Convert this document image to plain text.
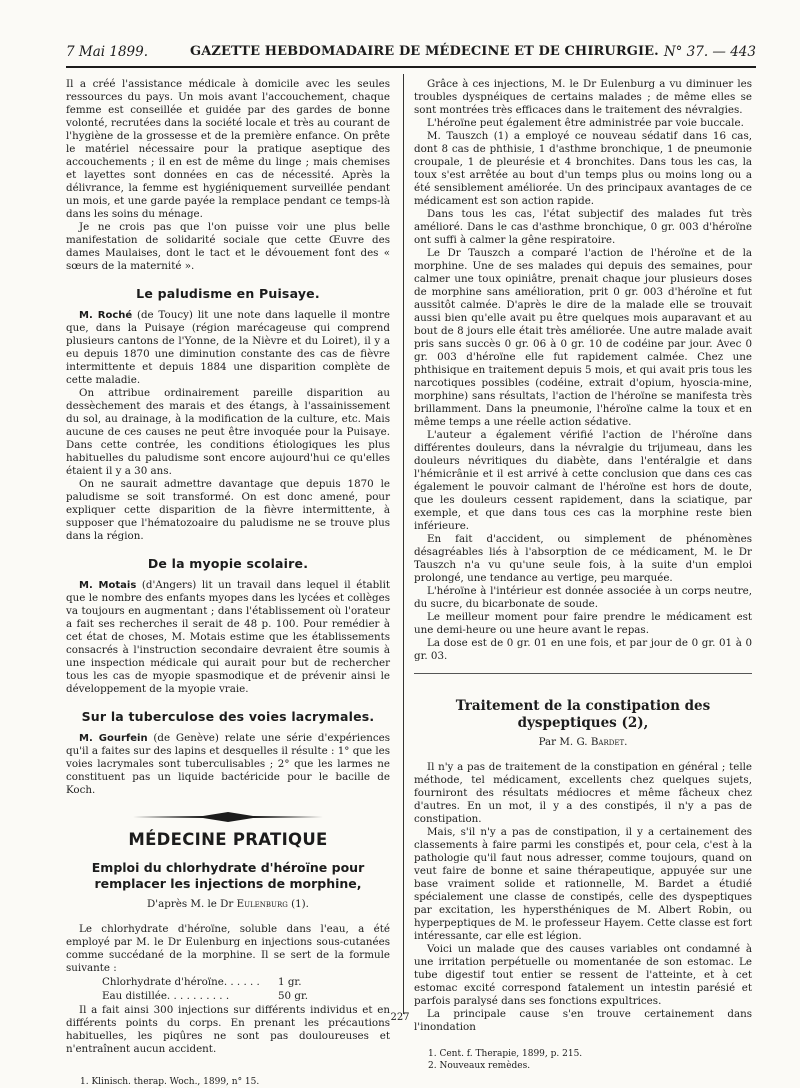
7 Mai 1899.	GAZETTE HEBDOMADAIRE DE MÉDECINE ET DE CHIRURGIE. N° 37. — 443

Il a créé l'assistance médicale à domicile avec les seules ressources du pays. Un mois avant l'accouchement, chaque femme est conseillée et guidée par des gardes de bonne volonté, recrutées dans la société locale et très au courant de l'hygiène de la grossesse et de la première enfance. On prête le matériel nécessaire pour la pratique aseptique des accouchements ; il en est de même du linge ; mais chemises et layettes sont données en cas de nécessité. Après la délivrance, la femme est hygiéniquement surveillée pendant un mois, et une garde payée la remplace pendant ce temps-là dans les soins du ménage.

Je ne crois pas que l'on puisse voir une plus belle manifestation de solidarité sociale que cette Œuvre des dames Maulaises, dont le tact et le dévouement font des « sœurs de la maternité ».

Le paludisme en Puisaye.

M. Roché (de Toucy) lit une note dans laquelle il montre que, dans la Puisaye (région marécageuse qui comprend plusieurs cantons de l'Yonne, de la Nièvre et du Loiret), il y a eu depuis 1870 une diminution constante des cas de fièvre intermittente et depuis 1884 une disparition complète de cette maladie.

On attribue ordinairement pareille disparition au dessèchement des marais et des étangs, à l'assainissement du sol, au drainage, à la modification de la culture, etc. Mais aucune de ces causes ne peut être invoquée pour la Puisaye. Dans cette contrée, les conditions étiologiques les plus habituelles du paludisme sont encore aujourd'hui ce qu'elles étaient il y a 30 ans.

On ne saurait admettre davantage que depuis 1870 le paludisme se soit transformé. On est donc amené, pour expliquer cette disparition de la fièvre intermittente, à supposer que l'hématozoaire du paludisme ne se trouve plus dans la région.

De la myopie scolaire.

M. Motais (d'Angers) lit un travail dans lequel il établit que le nombre des enfants myopes dans les lycées et collèges va toujours en augmentant ; dans l'établissement où l'orateur a fait ses recherches il serait de 48 p. 100. Pour remédier à cet état de choses, M. Motais estime que les établissements consacrés à l'instruction secondaire devraient être soumis à une inspection médicale qui aurait pour but de rechercher tous les cas de myopie spasmodique et de prévenir ainsi le développement de la myopie vraie.

Sur la tuberculose des voies lacrymales.

M. Gourfein (de Genève) relate une série d'expériences qu'il a faites sur des lapins et desquelles il résulte : 1° que les voies lacrymales sont tuberculisables ; 2° que les larmes ne constituent pas un liquide bactéricide pour le bacille de Koch.

MÉDECINE PRATIQUE
Emploi du chlorhydrate d'héroïne pour remplacer les injections de morphine,
D'après M. le Dr Eulenburg (1).

Le chlorhydrate d'héroïne, soluble dans l'eau, a été employé par M. le Dr Eulenburg en injections sous-cutanées comme succédané de la morphine. Il se sert de la formule suivante :

Chlorhydrate d'héroïne. . . . . . 1 gr.
Eau distillée. . . . . . . . . .	50 gr.

Il a fait ainsi 300 injections sur différents individus et en différents points du corps. En prenant les précautions habituelles, les piqûres ne sont pas douloureuses et n'entraînent aucun accident.

1. Klinisch. therap. Woch., 1899, n° 15.

Grâce à ces injections, M. le Dr Eulenburg a vu diminuer les troubles dyspnéiques de certains malades ; de même elles se sont montrées très efficaces dans le traitement des névralgies.

L'héroïne peut également être administrée par voie buccale.

M. Tauszch (1) a employé ce nouveau sédatif dans 16 cas, dont 8 cas de phthisie, 1 d'asthme bronchique, 1 de pneumonie croupale, 1 de pleurésie et 4 bronchites. Dans tous les cas, la toux s'est arrêtée au bout d'un temps plus ou moins long ou a été sensiblement améliorée. Un des principaux avantages de ce médicament est son action rapide.

Dans tous les cas, l'état subjectif des malades fut très amélioré. Dans le cas d'asthme bronchique, 0 gr. 003 d'héroïne ont suffi à calmer la gêne respiratoire.

Le Dr Tauszch a comparé l'action de l'héroïne et de la morphine. Une de ses malades qui depuis des semaines, pour calmer une toux opiniâtre, prenait chaque jour plusieurs doses de morphine sans amélioration, prit 0 gr. 003 d'héroïne et fut aussitôt calmée. D'après le dire de la malade elle se trouvait aussi bien qu'elle avait pu être quelques mois auparavant et au bout de 8 jours elle était très améliorée. Une autre malade avait pris sans succès 0 gr. 06 à 0 gr. 10 de codéine par jour. Avec 0 gr. 003 d'héroïne elle fut rapidement calmée. Chez une phthisique en traitement depuis 5 mois, et qui avait pris tous les narcotiques possibles (codéine, extrait d'opium, hyoscia-mine, morphine) sans résultats, l'action de l'héroïne se manifesta très brillamment. Dans la pneumonie, l'héroïne calme la toux et en même temps a une réelle action sédative.

L'auteur a également vérifié l'action de l'héroïne dans différentes douleurs, dans la névralgie du trijumeau, dans les douleurs névritiques du diabète, dans l'entéralgie et dans l'hémicrânie et il est arrivé à cette conclusion que dans ces cas également le pouvoir calmant de l'héroïne est hors de doute, que les douleurs cessent rapidement, dans la sciatique, par exemple, et que dans tous ces cas la morphine reste bien inférieure.

En fait d'accident, ou simplement de phénomènes désagréables liés à l'absorption de ce médicament, M. le Dr Tauszch n'a vu qu'une seule fois, à la suite d'un emploi prolongé, une tendance au vertige, peu marquée.

L'héroïne à l'intérieur est donnée associée à un corps neutre, du sucre, du bicarbonate de soude.

Le meilleur moment pour faire prendre le médicament est une demi-heure ou une heure avant le repas.

La dose est de 0 gr. 01 en une fois, et par jour de 0 gr. 01 à 0 gr. 03.

Traitement de la constipation des dyspeptiques (2),
Par M. G. Bardet.

Il n'y a pas de traitement de la constipation en général ; telle méthode, tel médicament, excellents chez quelques sujets, fourniront des résultats médiocres et même fâcheux chez d'autres. En un mot, il y a des constipés, il n'y a pas de constipation.

Mais, s'il n'y a pas de constipation, il y a certainement des classements à faire parmi les constipés et, pour cela, c'est à la pathologie qu'il faut nous adresser, comme toujours, quand on veut faire de bonne et saine thérapeutique, appuyée sur une base vraiment solide et rationnelle, M. Bardet a étudié spécialement une classe de constipés, celle des dyspeptiques par excitation, les hypersthéniques de M. Albert Robin, ou hyperpeptiques de M. le professeur Hayem. Cette classe est fort intéressante, car elle est légion.

Voici un malade que des causes variables ont condamné à une irritation perpétuelle ou momentanée de son estomac. Le tube digestif tout entier se ressent de l'atteinte, et à cet estomac excité correspond fatalement un intestin parésié et parfois paralysé dans ses fonctions expultrices.

La principale cause s'en trouve certainement dans l'inondation

1. Cent. f. Therapie, 1899, p. 215.
2. Nouveaux remèdes.
227
